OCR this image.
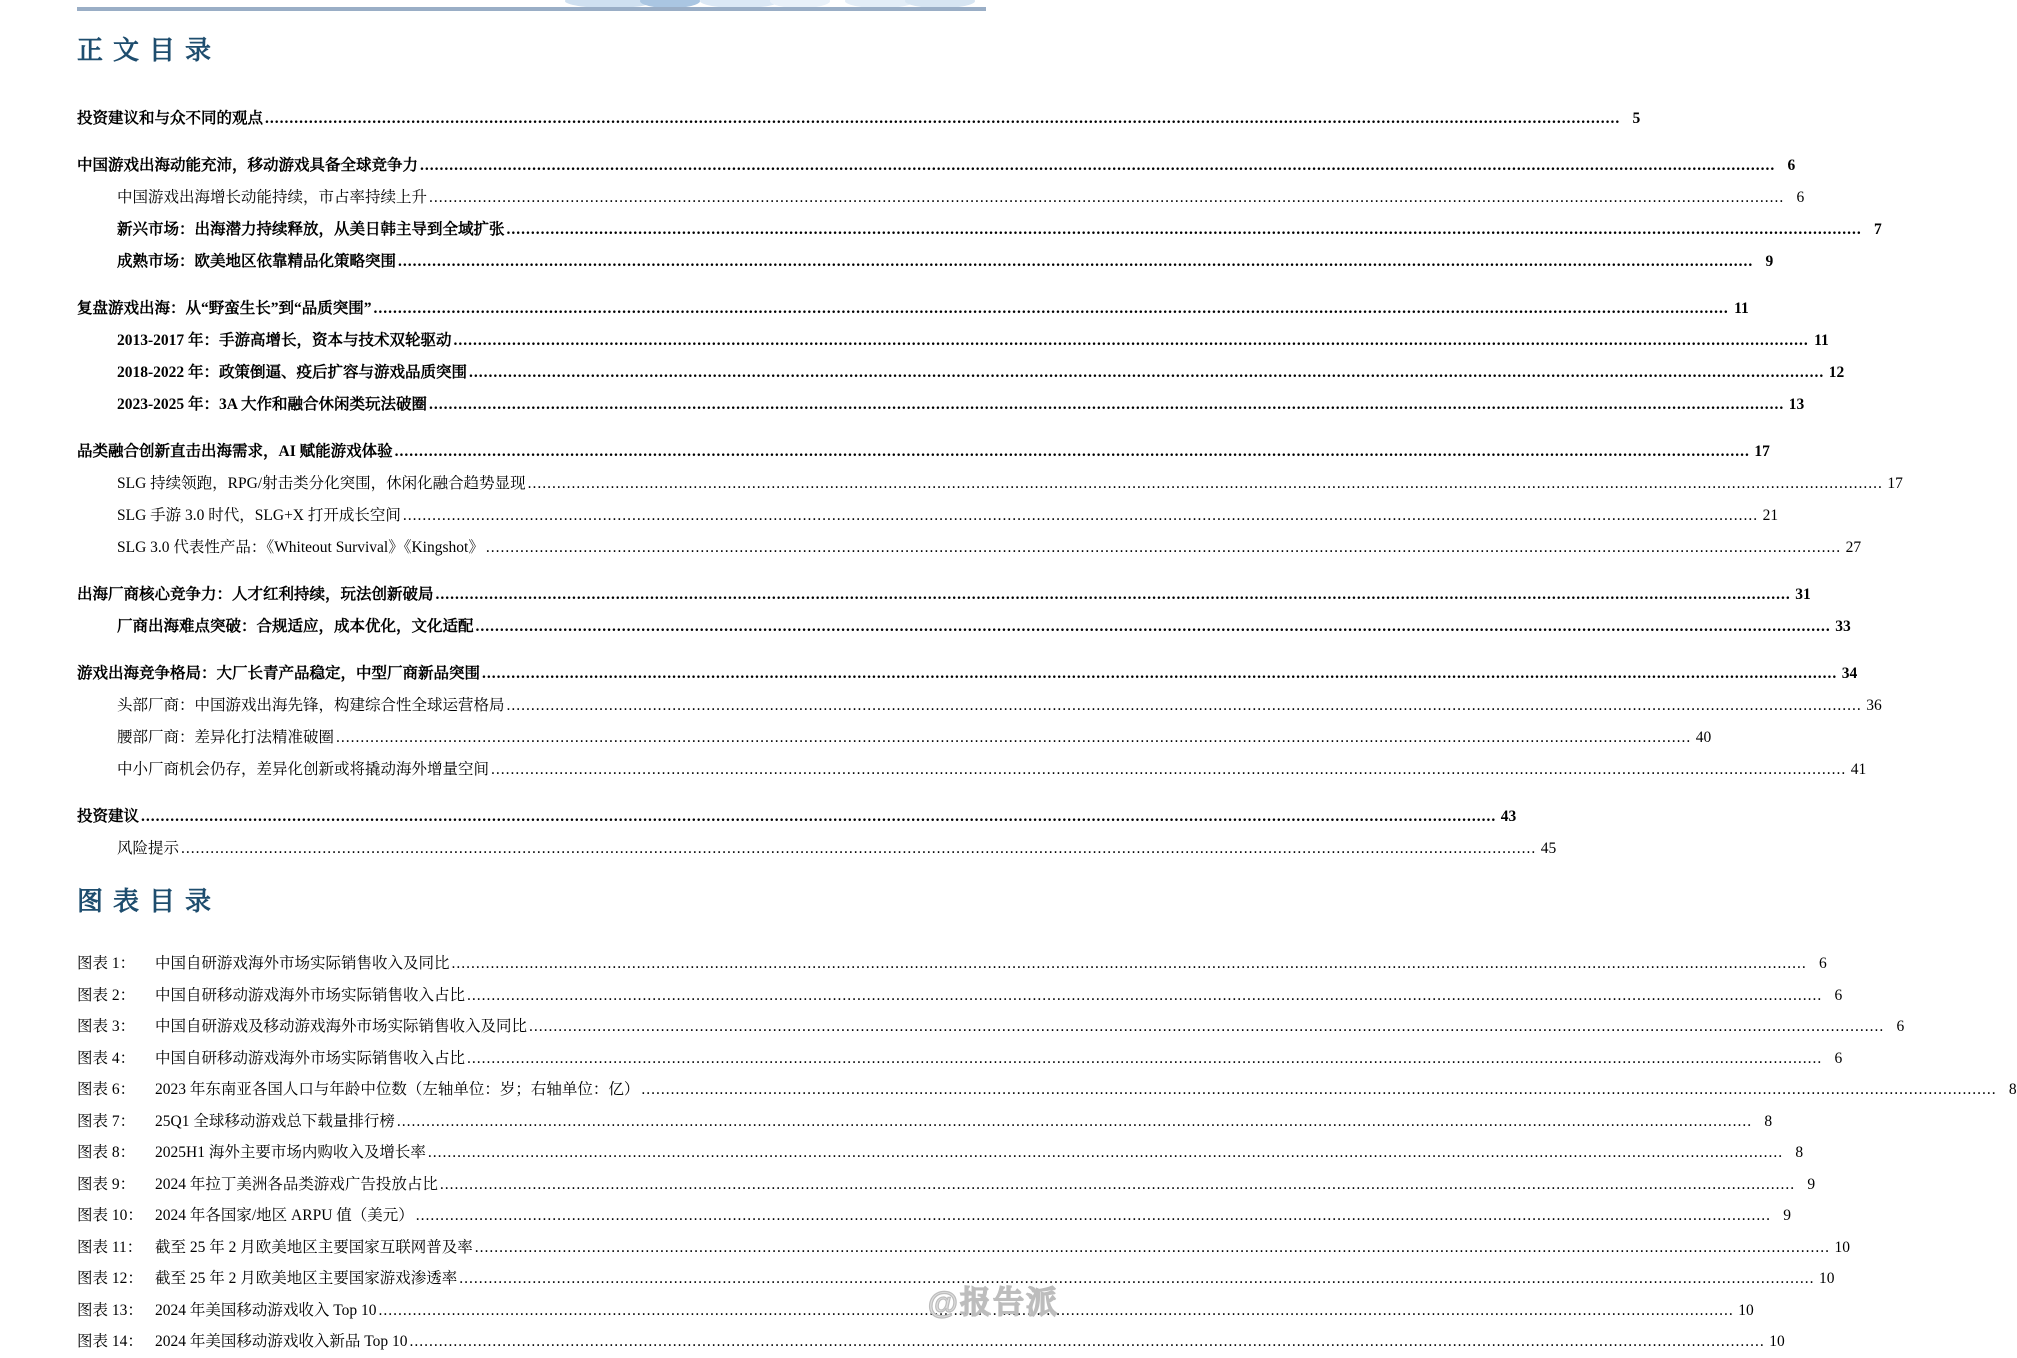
正文目录
投资建议和与众不同的观点 .....	5
中国游戏出海动能充沛，移动游戏具备全球竞争力 .....	6
中国游戏出海增长动能持续，市占率持续上升 .....	6
新兴市场：出海潜力持续释放，从美日韩主导到全域扩张 .....	7
成熟市场：欧美地区依靠精品化策略突围 .....	9
复盘游戏出海：从“野蛮生长”到“品质突围” .....	11
2013-2017 年：手游高增长，资本与技术双轮驱动 .....	11
2018-2022 年：政策倒逼、疫后扩容与游戏品质突围 .....	12
2023-2025 年：3A 大作和融合休闲类玩法破圈 .....	13
品类融合创新直击出海需求，AI 赋能游戏体验 .....	17
SLG 持续领跑，RPG/射击类分化突围，休闲化融合趋势显现 .....	17
SLG 手游 3.0 时代，SLG+X 打开成长空间 .....	21
SLG 3.0 代表性产品：《Whiteout Survival》《Kingshot》 .....	27
出海厂商核心竞争力：人才红利持续，玩法创新破局 .....	31
厂商出海难点突破：合规适应，成本优化，文化适配 .....	33
游戏出海竞争格局：大厂长青产品稳定，中型厂商新品突围 .....	34
头部厂商：中国游戏出海先锋，构建综合性全球运营格局 .....	36
腰部厂商：差异化打法精准破圈 .....	40
中小厂商机会仍存，差异化创新或将撬动海外增量空间 .....	41
投资建议 .....	43
风险提示 .....	45
图表目录
图表 1：	中国自研游戏海外市场实际销售收入及同比 .....	6
图表 2：	中国自研移动游戏海外市场实际销售收入占比 .....	6
图表 3：	中国自研游戏及移动游戏海外市场实际销售收入及同比 .....	6
图表 4：	中国自研移动游戏海外市场实际销售收入占比 .....	6
图表 6：	2023 年东南亚各国人口与年龄中位数（左轴单位：岁；右轴单位：亿） .....	8
图表 7：	25Q1 全球移动游戏总下载量排行榜 .....	8
图表 8：	2025H1 海外主要市场内购收入及增长率 .....	8
图表 9：	2024 年拉丁美洲各品类游戏广告投放占比 .....	9
图表 10： 2024 年各国家/地区 ARPU 值（美元） .....	9
图表 11： 截至 25 年 2 月欧美地区主要国家互联网普及率 .....	10
图表 12： 截至 25 年 2 月欧美地区主要国家游戏渗透率 .....	10
图表 13： 2024 年美国移动游戏收入 Top 10 .....	10
图表 14： 2024 年美国移动游戏收入新品 Top 10 .....	10
@报告派
